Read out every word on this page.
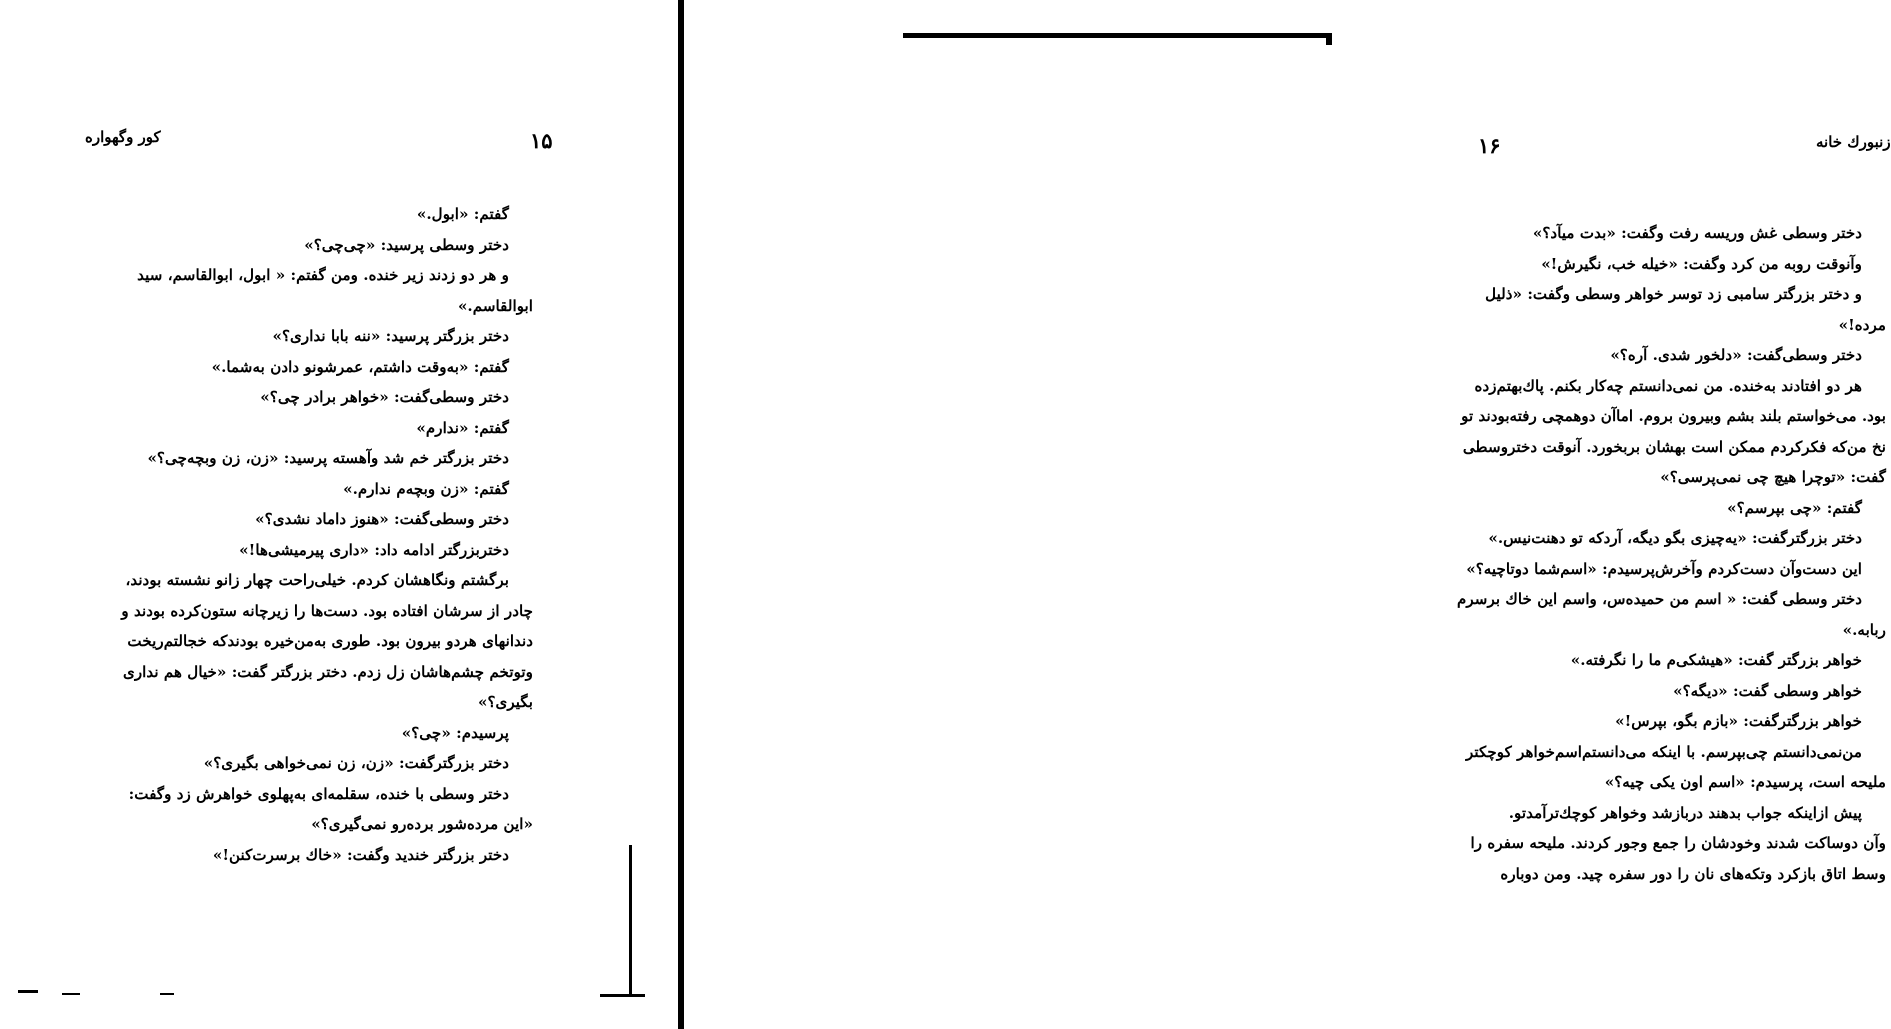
کور وگهواره	۱۵
گفتم: «ابول.»
دختر وسطی پرسید: «چی‌چی؟»
و هر دو زدند زیر خنده. ومن گفتم: « ابول، ابوالقاسم، سید
ابوالقاسم.»
دختر بزرگتر پرسید: «ننه بابا نداری؟»
گفتم: «به‌وقت داشتم، عمرشونو دادن به‌شما.»
دختر وسطی‌گفت: «خواهر برادر چی؟»
گفتم: «ندارم»
دختر بزرگتر خم شد وآهسته پرسید: «زن، زن وبچه‌چی؟»
گفتم: «زن وبچه‌م ندارم.»
دختر وسطی‌گفت: «هنوز داماد نشدی؟»
دختربزرگتر ادامه داد: «داری پیرمیشی‌ها!»
برگشتم ونگاهشان کردم. خیلی‌راحت چهار زانو نشسته بودند،
چادر از سرشان افتاده بود. دست‌ها را زیرچانه ستون‌کرده بودند و
دندانهای هردو بیرون بود. طوری به‌من‌خیره بودندکه خجالتم‌ریخت
وتوتخم چشم‌هاشان زل زدم. دختر بزرگتر گفت: «خیال هم نداری
بگیری؟»
پرسیدم: «چی؟»
دختر بزرگترگفت: «زن، زن نمی‌خواهی بگیری؟»
دختر وسطی با خنده، سقلمه‌ای به‌پهلوی خواهرش زد وگفت:
«این مرده‌شور برده‌رو نمی‌گیری؟»
دختر بزرگتر خندید وگفت: «خاك برسرت‌کنن!»
زنبورك خانه
۱۶
دختر وسطی غش وریسه رفت وگفت: «بدت میآد؟»
وآنوقت روبه من کرد وگفت: «خیله خب، نگیرش!»
و دختر بزرگتر سامبی زد توسر خواهر وسطی وگفت: «ذلیل
مرده!»
دختر وسطی‌گفت: «دلخور شدی. آره؟»
هر دو افتادند به‌خنده. من نمی‌دانستم چه‌کار بکنم. پاك‌بهتم‌زده
بود. می‌خواستم بلند بشم وبیرون بروم. اماآن دوهمچی رفته‌بودند تو
نخ من‌که فکرکردم ممکن است بهشان بربخورد. آنوقت دختروسطی
گفت: «توچرا هیچ چی نمی‌پرسی؟»
گفتم: «چی بپرسم؟»
دختر بزرگترگفت: «یه‌چیزی بگو دیگه، آردکه تو دهنت‌نیس.»
این دست‌وآن دست‌کردم وآخرش‌پرسیدم: «اسم‌شما دوتاچیه؟»
دختر وسطی گفت: « اسم من حمیده‌س، واسم این خاك برسرم
ربابه.»
خواهر بزرگتر گفت: «هیشکی‌م ما را نگرفته.»
خواهر وسطی گفت: «دیگه؟»
خواهر بزرگترگفت: «بازم بگو، بپرس!»
من‌نمی‌دانستم چی‌بپرسم. با اینکه می‌دانستم‌اسم‌خواهر کوچکتر
ملیحه است، پرسیدم: «اسم اون یکی چیه؟»
پیش ازاینکه جواب بدهند دربازشد وخواهر کوچك‌ترآمدتو.
وآن دوساکت شدند وخودشان را جمع وجور کردند. ملیحه سفره را
وسط اتاق بازکرد وتکه‌های نان را دور سفره چید. ومن دوباره
